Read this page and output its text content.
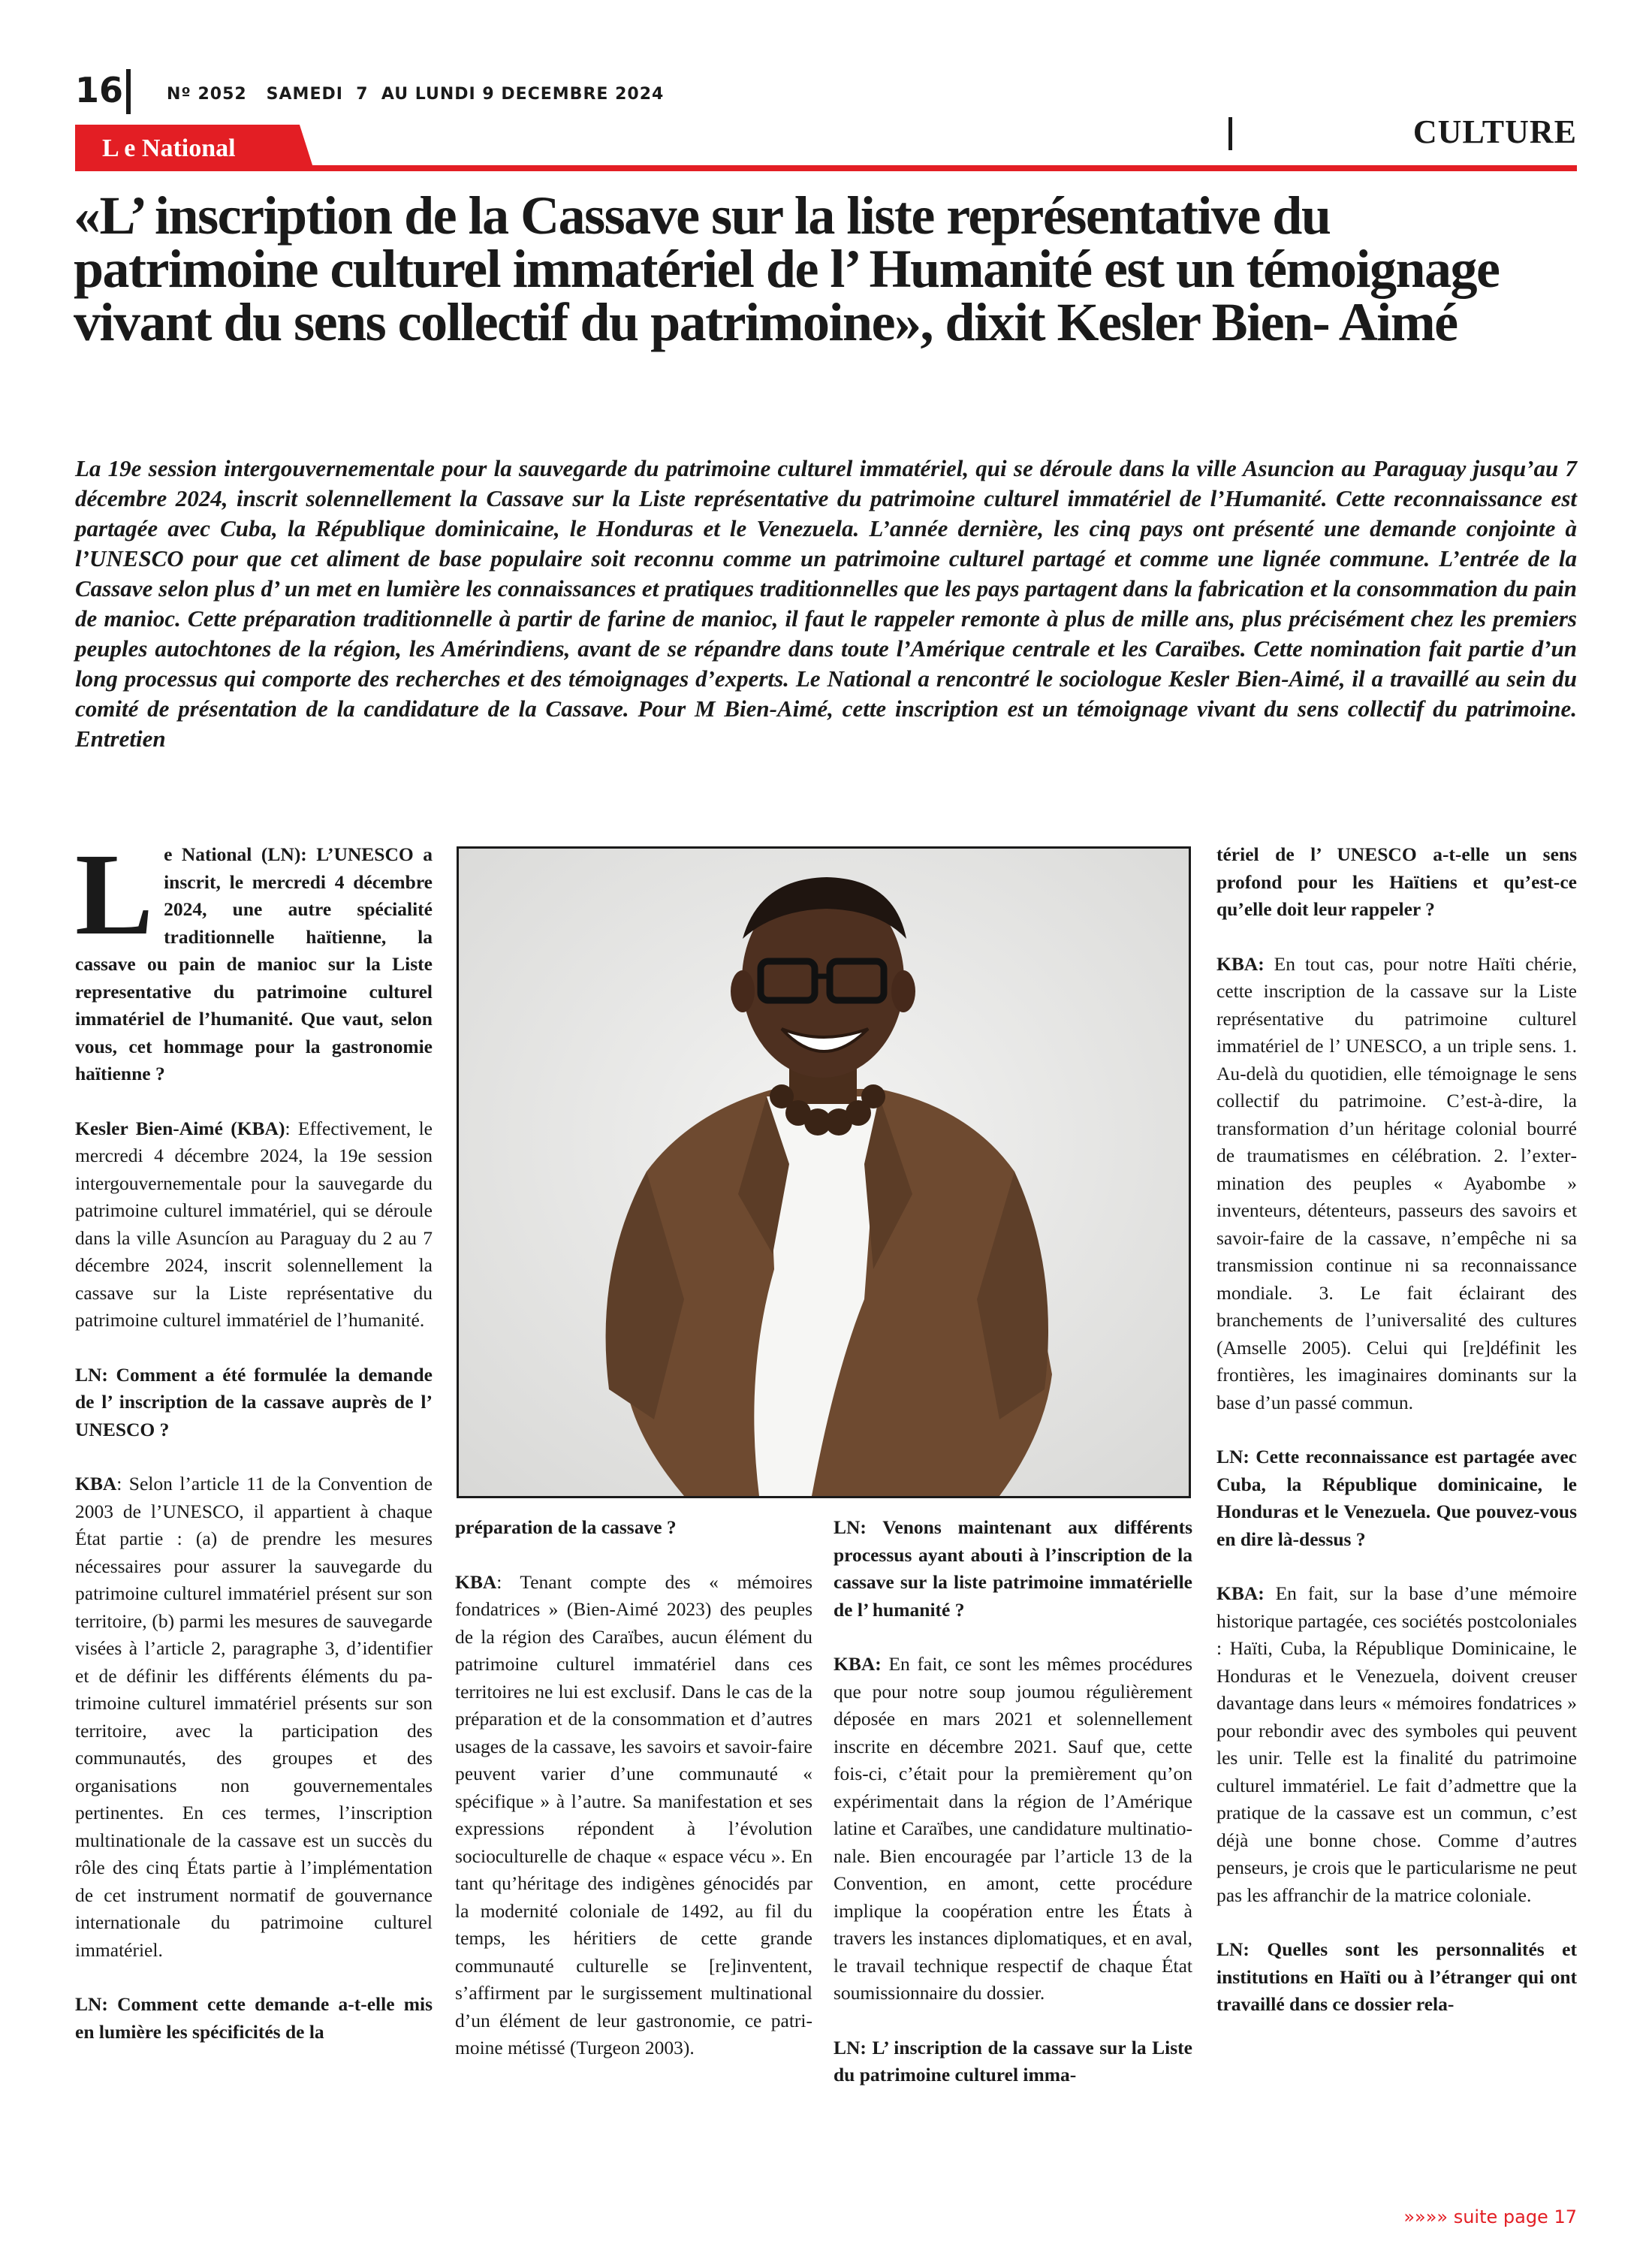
16	Nº 2052   SAMEDI  7  AU LUNDI 9 DECEMBRE 2024
L e National	CULTURE
«L’ inscription de la Cassave sur la liste représentative du patrimoine culturel immatériel de l’ Humanité est un témoignage vivant du sens collectif du patrimoine», dixit Kesler Bien- Aimé

La 19e session intergouvernementale pour la sauvegarde du patrimoine culturel immatériel, qui se déroule dans la ville Asuncion au Paraguay jusqu’au 7 décembre 2024, inscrit solennellement la Cassave sur la Liste représentative du patrimoine culturel immatériel de l’Humanité. Cette reconnaissance est partagée avec Cuba, la République dominicaine, le Honduras et le Venezuela. L’année dernière, les cinq pays ont présenté une demande conjointe à l’UNESCO pour que cet aliment de base populaire soit reconnu comme un patrimoine culturel partagé et comme une lignée commune. L’entrée de la Cassave selon plus d’ un met en lumière les connaissances et pratiques traditionnelles que les pays partagent dans la fabrication et la consommation du pain de manioc. Cette préparation traditionnelle à partir de farine de manioc, il faut le rappeler remonte à plus de mille ans, plus précisément chez les premiers peuples autochtones de la région, les Amérindiens, avant de se répandre dans toute l’Amérique centrale et les Caraïbes. Cette nomination fait partie d’un long processus qui comporte des recherches et des témoignages d’experts. Le National a rencontré le sociologue Kesler Bien-Aimé, il a travaillé au sein du comité de présentation de la candidature de la Cassave. Pour M Bien-Aimé, cette inscription est un témoignage vivant du sens collectif du patrimoine. Entretien

L e National (LN): L’UNESCO a inscrit, le mercredi 4 décembre 2024, une autre spécialité traditionnelle haïtienne, la cassave ou pain de manioc sur la Liste representative du patrimoine culturel immatériel de l’humanité. Que vaut, selon vous, cet hommage pour la gastronomie haïtienne ?

Kesler Bien-Aimé (KBA): Effectivement, le mercredi 4 décembre 2024, la 19e session intergouvernementale pour la sauvegarde du patrimoine culturel immatériel, qui se déroule dans la ville Asuncíon au Paraguay du 2 au 7 décembre 2024, inscrit solennellement la cassave sur la Liste représentative du patrimoine culturel immatériel de l’humanité.

LN: Comment a été formulée la demande de l’ inscription de la cassave auprès de l’ UNESCO ?

KBA: Selon l’article 11 de la Convention de 2003 de l’UNESCO, il appartient à chaque État partie : (a) de prendre les mesures nécessaires pour assurer la sauvegarde du patrimoine culturel immatériel présent sur son territoire, (b) parmi les mesures de sauvegarde visées à l’article 2, paragraphe 3, d’identifier et de définir les différents éléments du patrimoine culturel immatériel présents sur son territoire, avec la participation des communautés, des groupes et des organisations non gouvernementales pertinentes. En ces termes, l’inscription multinationale de la cassave est un succès du rôle des cinq États partie à l’implémentation de cet instrument normatif de gouvernance internationale du patrimoine culturel immatériel.

LN: Comment cette demande a-t-elle mis en lumière les spécificités de la

préparation de la cassave ?

KBA: Tenant compte des « mémoires fondatrices » (Bien-Aimé 2023) des peuples de la région des Caraïbes, aucun élément du patrimoine culturel immatériel dans ces territoires ne lui est exclusif. Dans le cas de la préparation et de la consommation et d’autres usages de la cassave, les savoirs et savoir-faire peuvent varier d’une communauté « spécifique » à l’autre. Sa manifestation et ses expressions répondent à l’évolution socioculturelle de chaque « espace vécu ». En tant qu’héritage des indigènes génocidés par la modernité coloniale de 1492, au fil du temps, les héritiers de cette grande communauté culturelle se [re]inventent, s’affirment par le surgissement multinational d’un élément de leur gastronomie, ce patrimoine métissé (Turgeon 2003).

LN: Venons maintenant aux différents processus ayant abouti à l’inscription de la cassave sur la liste patrimoine immatérielle de l’ humanité ?

KBA: En fait, ce sont les mêmes procédures que pour notre soup joumou régulièrement déposée en mars 2021 et solennellement inscrite en décembre 2021. Sauf que, cette fois-ci, c’était pour la premièrement qu’on expérimentait dans la région de l’Amérique latine et Caraïbes, une candidature multinationale. Bien encouragée par l’article 13 de la Convention, en amont, cette procédure implique la coopération entre les États à travers les instances diplomatiques, et en aval, le travail technique respectif de chaque État soumissionnaire du dossier.

LN: L’ inscription de la cassave sur la Liste du patrimoine culturel imma-

tériel de l’ UNESCO a-t-elle un sens profond pour les Haïtiens et qu’est-ce qu’elle doit leur rappeler ?

KBA: En tout cas, pour notre Haïti chérie, cette inscription de la cassave sur la Liste représentative du patrimoine culturel immatériel de l’ UNESCO, a un triple sens. 1. Au-delà du quotidien, elle témoignage le sens collectif du patrimoine. C’est-à-dire, la transformation d’un héritage colonial bourré de traumatismes en célébration. 2. l’extermination des peuples « Ayabombe » inventeurs, détenteurs, passeurs des savoirs et savoir-faire de la cassave, n’empêche ni sa transmission continue ni sa reconnaissance mondiale. 3. Le fait éclairant des branchements de l’universalité des cultures (Amselle 2005). Celui qui [re]définit les frontières, les imaginaires dominants sur la base d’un passé commun.

LN: Cette reconnaissance est partagée avec Cuba, la République dominicaine, le Honduras et le Venezuela. Que pouvez-vous en dire là-dessus ?

KBA: En fait, sur la base d’une mémoire historique partagée, ces sociétés postcoloniales : Haïti, Cuba, la République Dominicaine, le Honduras et le Venezuela, doivent creuser davantage dans leurs « mémoires fondatrices » pour rebondir avec des symboles qui peuvent les unir. Telle est la finalité du patrimoine culturel immatériel. Le fait d’admettre que la pratique de la cassave est un commun, c’est déjà une bonne chose. Comme d’autres penseurs, je crois que le particularisme ne peut pas les affranchir de la matrice coloniale.

LN: Quelles sont les personnalités et institutions en Haïti ou à l’étranger qui ont travaillé dans ce dossier rela-

»»»» suite page 17
